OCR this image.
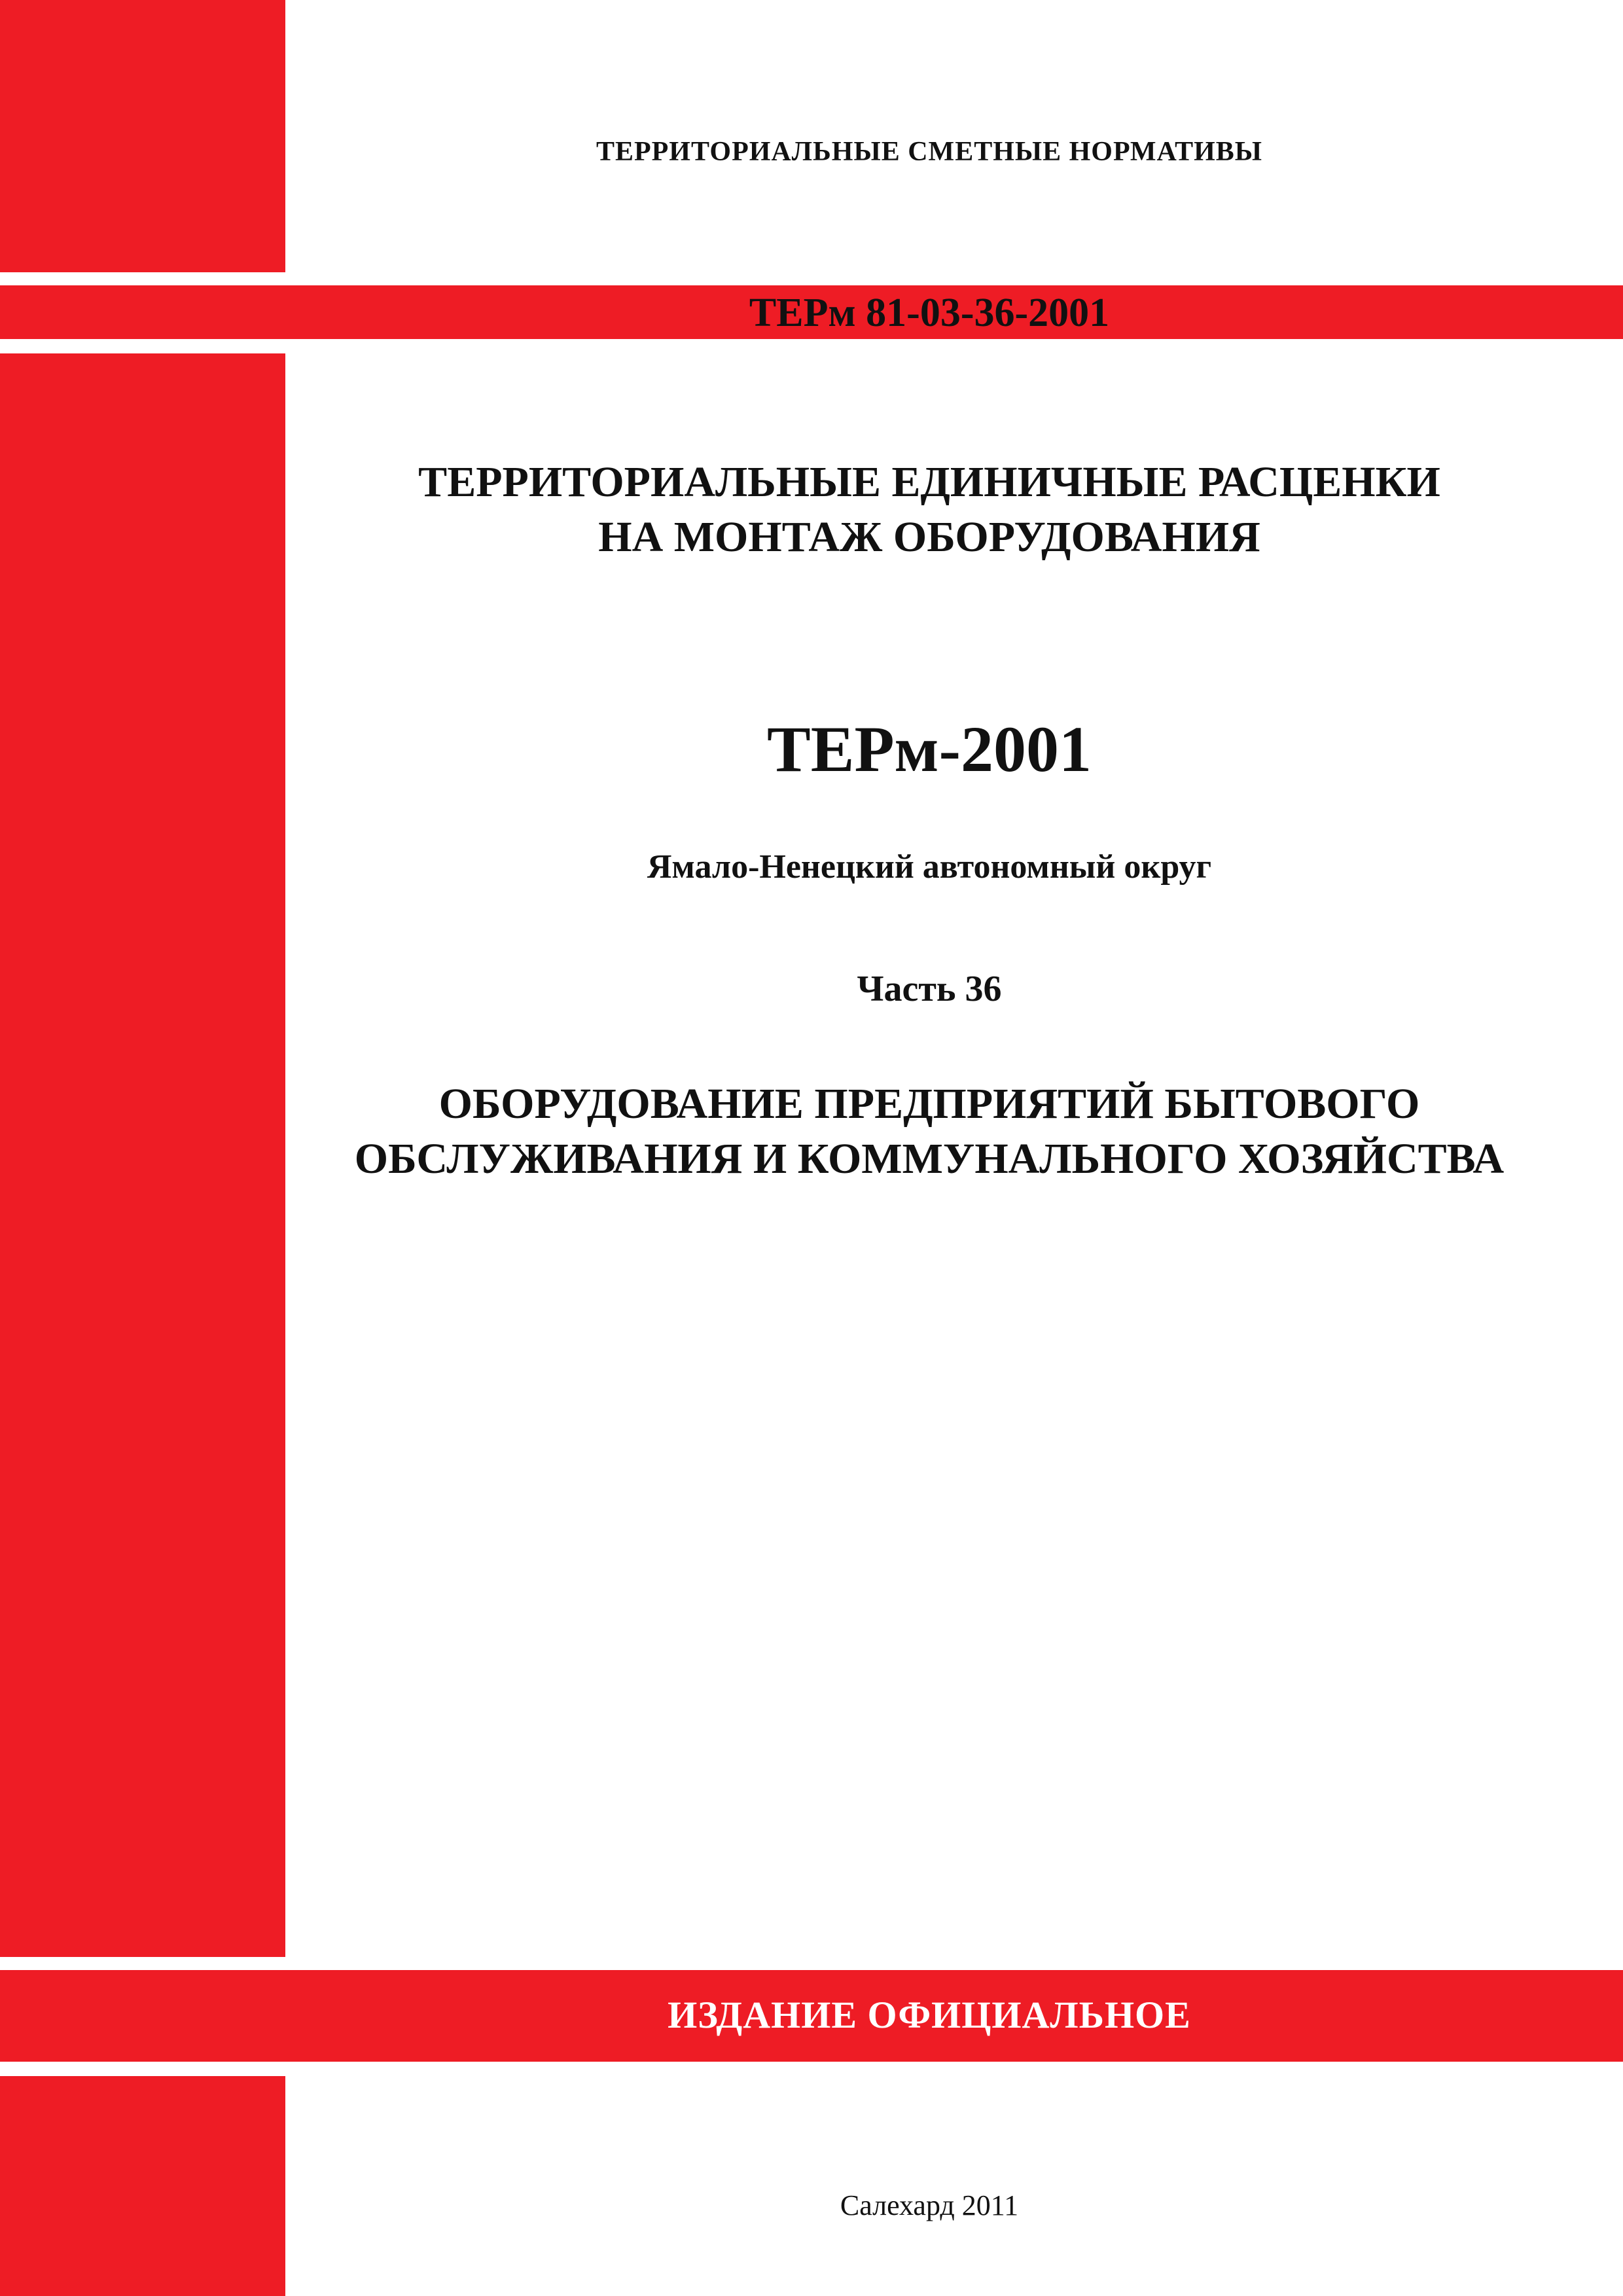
ТЕРРИТОРИАЛЬНЫЕ СМЕТНЫЕ НОРМАТИВЫ
ТЕРм 81-03-36-2001
ТЕРРИТОРИАЛЬНЫЕ ЕДИНИЧНЫЕ РАСЦЕНКИ
НА МОНТАЖ ОБОРУДОВАНИЯ
ТЕРм-2001
Ямало-Ненецкий автономный округ
Часть 36
ОБОРУДОВАНИЕ ПРЕДПРИЯТИЙ БЫТОВОГО
ОБСЛУЖИВАНИЯ И КОММУНАЛЬНОГО ХОЗЯЙСТВА
ИЗДАНИЕ ОФИЦИАЛЬНОЕ
Салехард 2011
